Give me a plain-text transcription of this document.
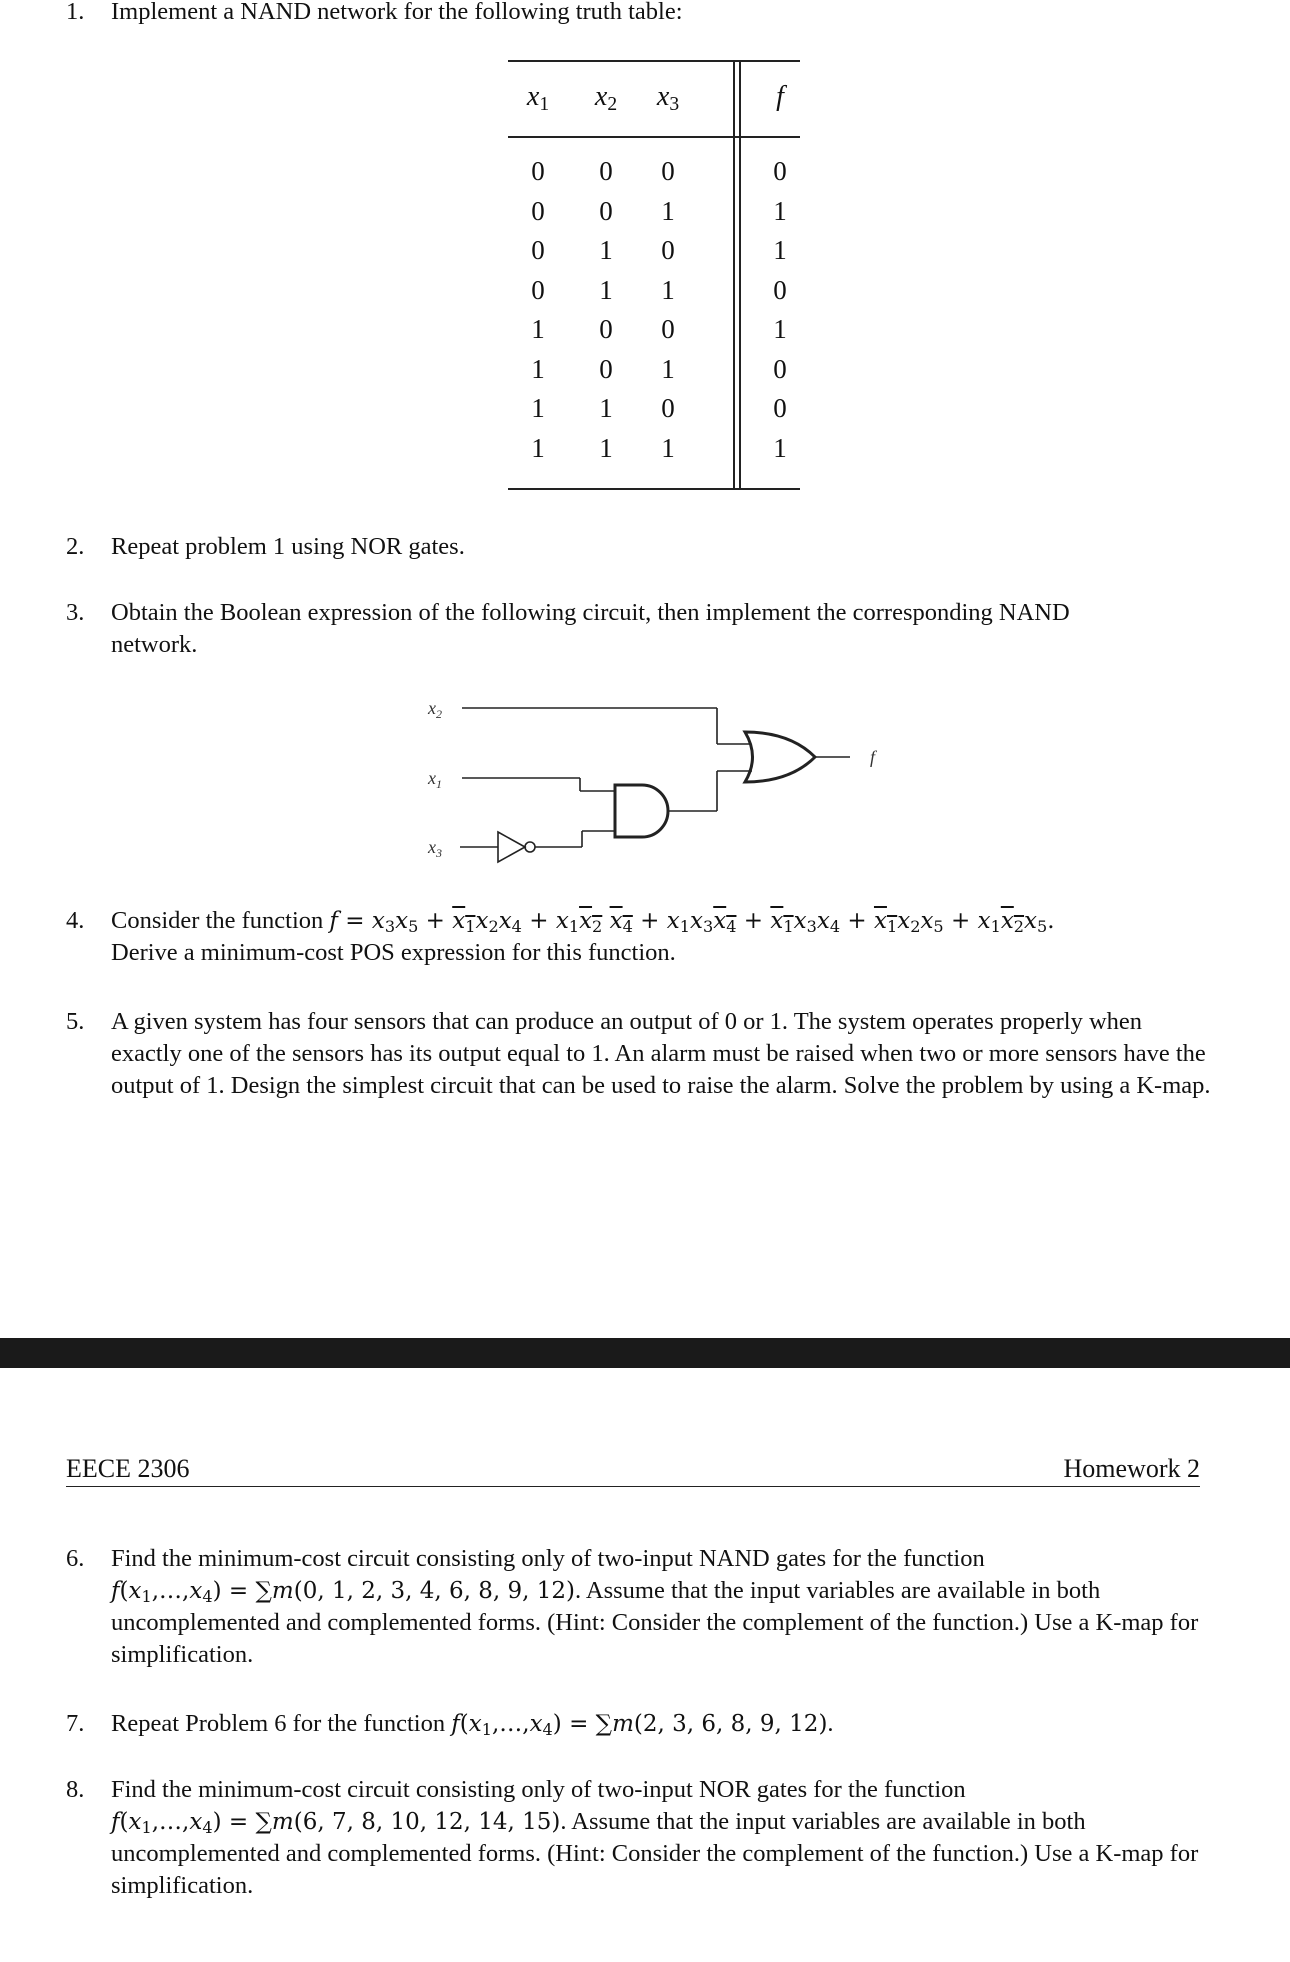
1. Implement a NAND network for the following truth table:

$x_1$	$x_2$	$x_3$	f
0	0	0	0
0	0	1	1
0	1	0	1
0	1	1	0
1	0	0	1
1	0	1	0
1	1	0	0
1	1	1	1
2. Repeat problem 1 using NOR gates.

3. Obtain the Boolean expression of the following circuit, then implement the corresponding NAND

network.

$x_2$
$x_1$
$x_3$
f
4. Consider the function $f = x_3x_5 + x_1x_2x_4 + x_1x_2$ $x_4 + x_1x_3x_4 + x_1x_3x_4 + x_1x_2x_5 + x_1x_2x_5$.

Derive a minimum-cost POS expression for this function.

5. A given system has four sensors that can produce an output of 0 or 1. The system operates properly when exactly one of the sensors has its output equal to 1. An alarm must be raised when two or more sensors have the output of 1. Design the simplest circuit that can be used to raise the alarm. Solve the problem by using a K-map.

EECE 2306	Homework 2
6. Find the minimum-cost circuit consisting only of two-input NAND gates for the function

$f(x_1,\dots,x_4) = \sum m(0$, 1, 2, 3, 4, 6, 8, 9, 12). Assume that the input variables are available in both uncomplemented and complemented forms. (Hint: Consider the complement of the function.) Use a K-map for simplification.

7. Repeat Problem 6 for the function $f(x_1,\dots,x_4) = \sum m(2$, 3, 6, 8, 9, 12).

8. Find the minimum-cost circuit consisting only of two-input NOR gates for the function

$f(x_1,\dots,x_4) = \sum m(6$, 7, 8, 10, 12, 14, 15). Assume that the input variables are available in both uncomplemented and complemented forms. (Hint: Consider the complement of the function.) Use a K-map for simplification.
